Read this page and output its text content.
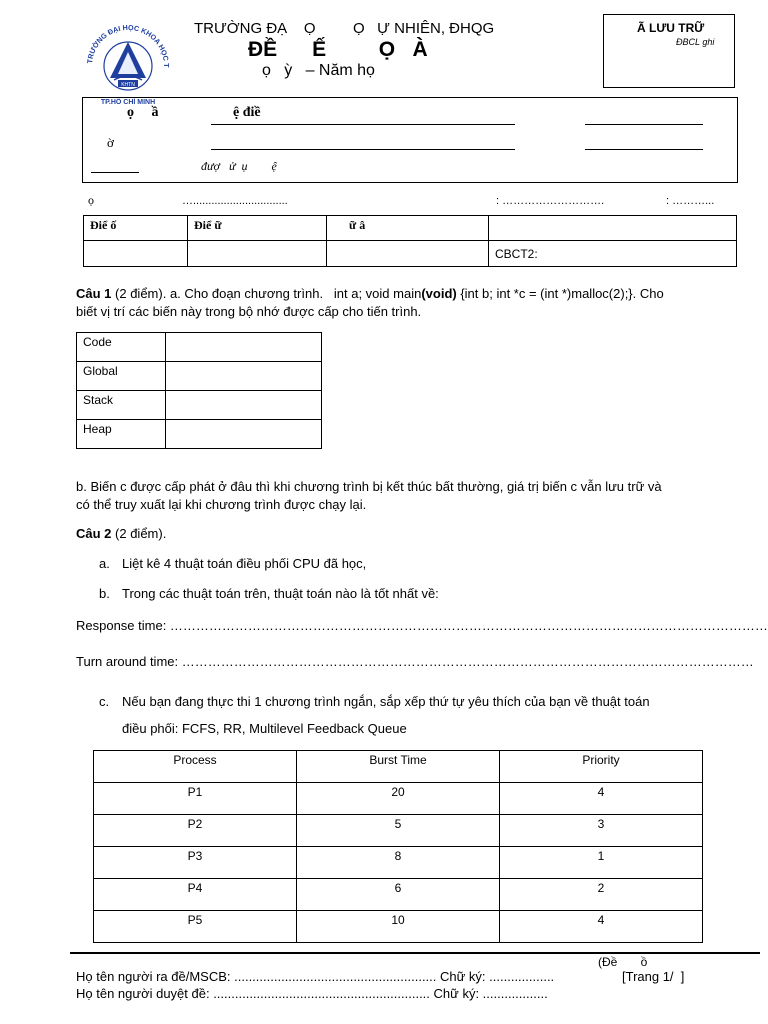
TRƯỜNG ĐẠI HỌC KHOA HỌC T
KHTN
TP.HỒ CHÍ MINH
TRƯỜNG ĐẠ    Ọ         Ọ   Ự NHIÊN, ĐHQG
ĐỀ      Ế         Ọ   À
ọ   ỳ   – Năm họ
Ã LƯU TRỮ
ĐBCL ghi
ọ     ầ	ệ điề
ờ
đượ   ử  ụ        ệ
ọ	…...............................	: ……………………….	: ………...
Điể ố	Điể ữ	ữ â	
			CBCT2:
Câu 1 (2 điểm). a. Cho đoạn chương trình.   int a; void main(void) {int b; int *c = (int *)malloc(2);}. Cho
biết vị trí các biến này trong bộ nhớ được cấp cho tiến trình.
Code	
Global	
Stack	
Heap	
b. Biến c được cấp phát ở đâu thì khi chương trình bị kết thúc bất thường, giá trị biến c vẫn lưu trữ và
có thể truy xuất lại khi chương trình được chạy lại.
Câu 2 (2 điểm).
a. Liệt kê 4 thuật toán điều phối CPU đã học,
b. Trong các thuật toán trên, thuật toán nào là tốt nhất về:
Response time: …………………………………………………………………………………………………………………………
Turn around time: ……………………………………………………………………………………………………………………
c. Nếu bạn đang thực thi 1 chương trình ngắn, sắp xếp thứ tự yêu thích của bạn về thuật toán
điều phối: FCFS, RR, Multilevel Feedback Queue
Process	Burst Time	Priority
P1	20	4
P2	5	3
P3	8	1
P4	6	2
P5	10	4
(Đề       ồ
Họ tên người ra đề/MSCB: ........................................................ Chữ ký: ..................	[Trang 1/  ]
Họ tên người duyệt đề: ............................................................ Chữ ký: ..................
